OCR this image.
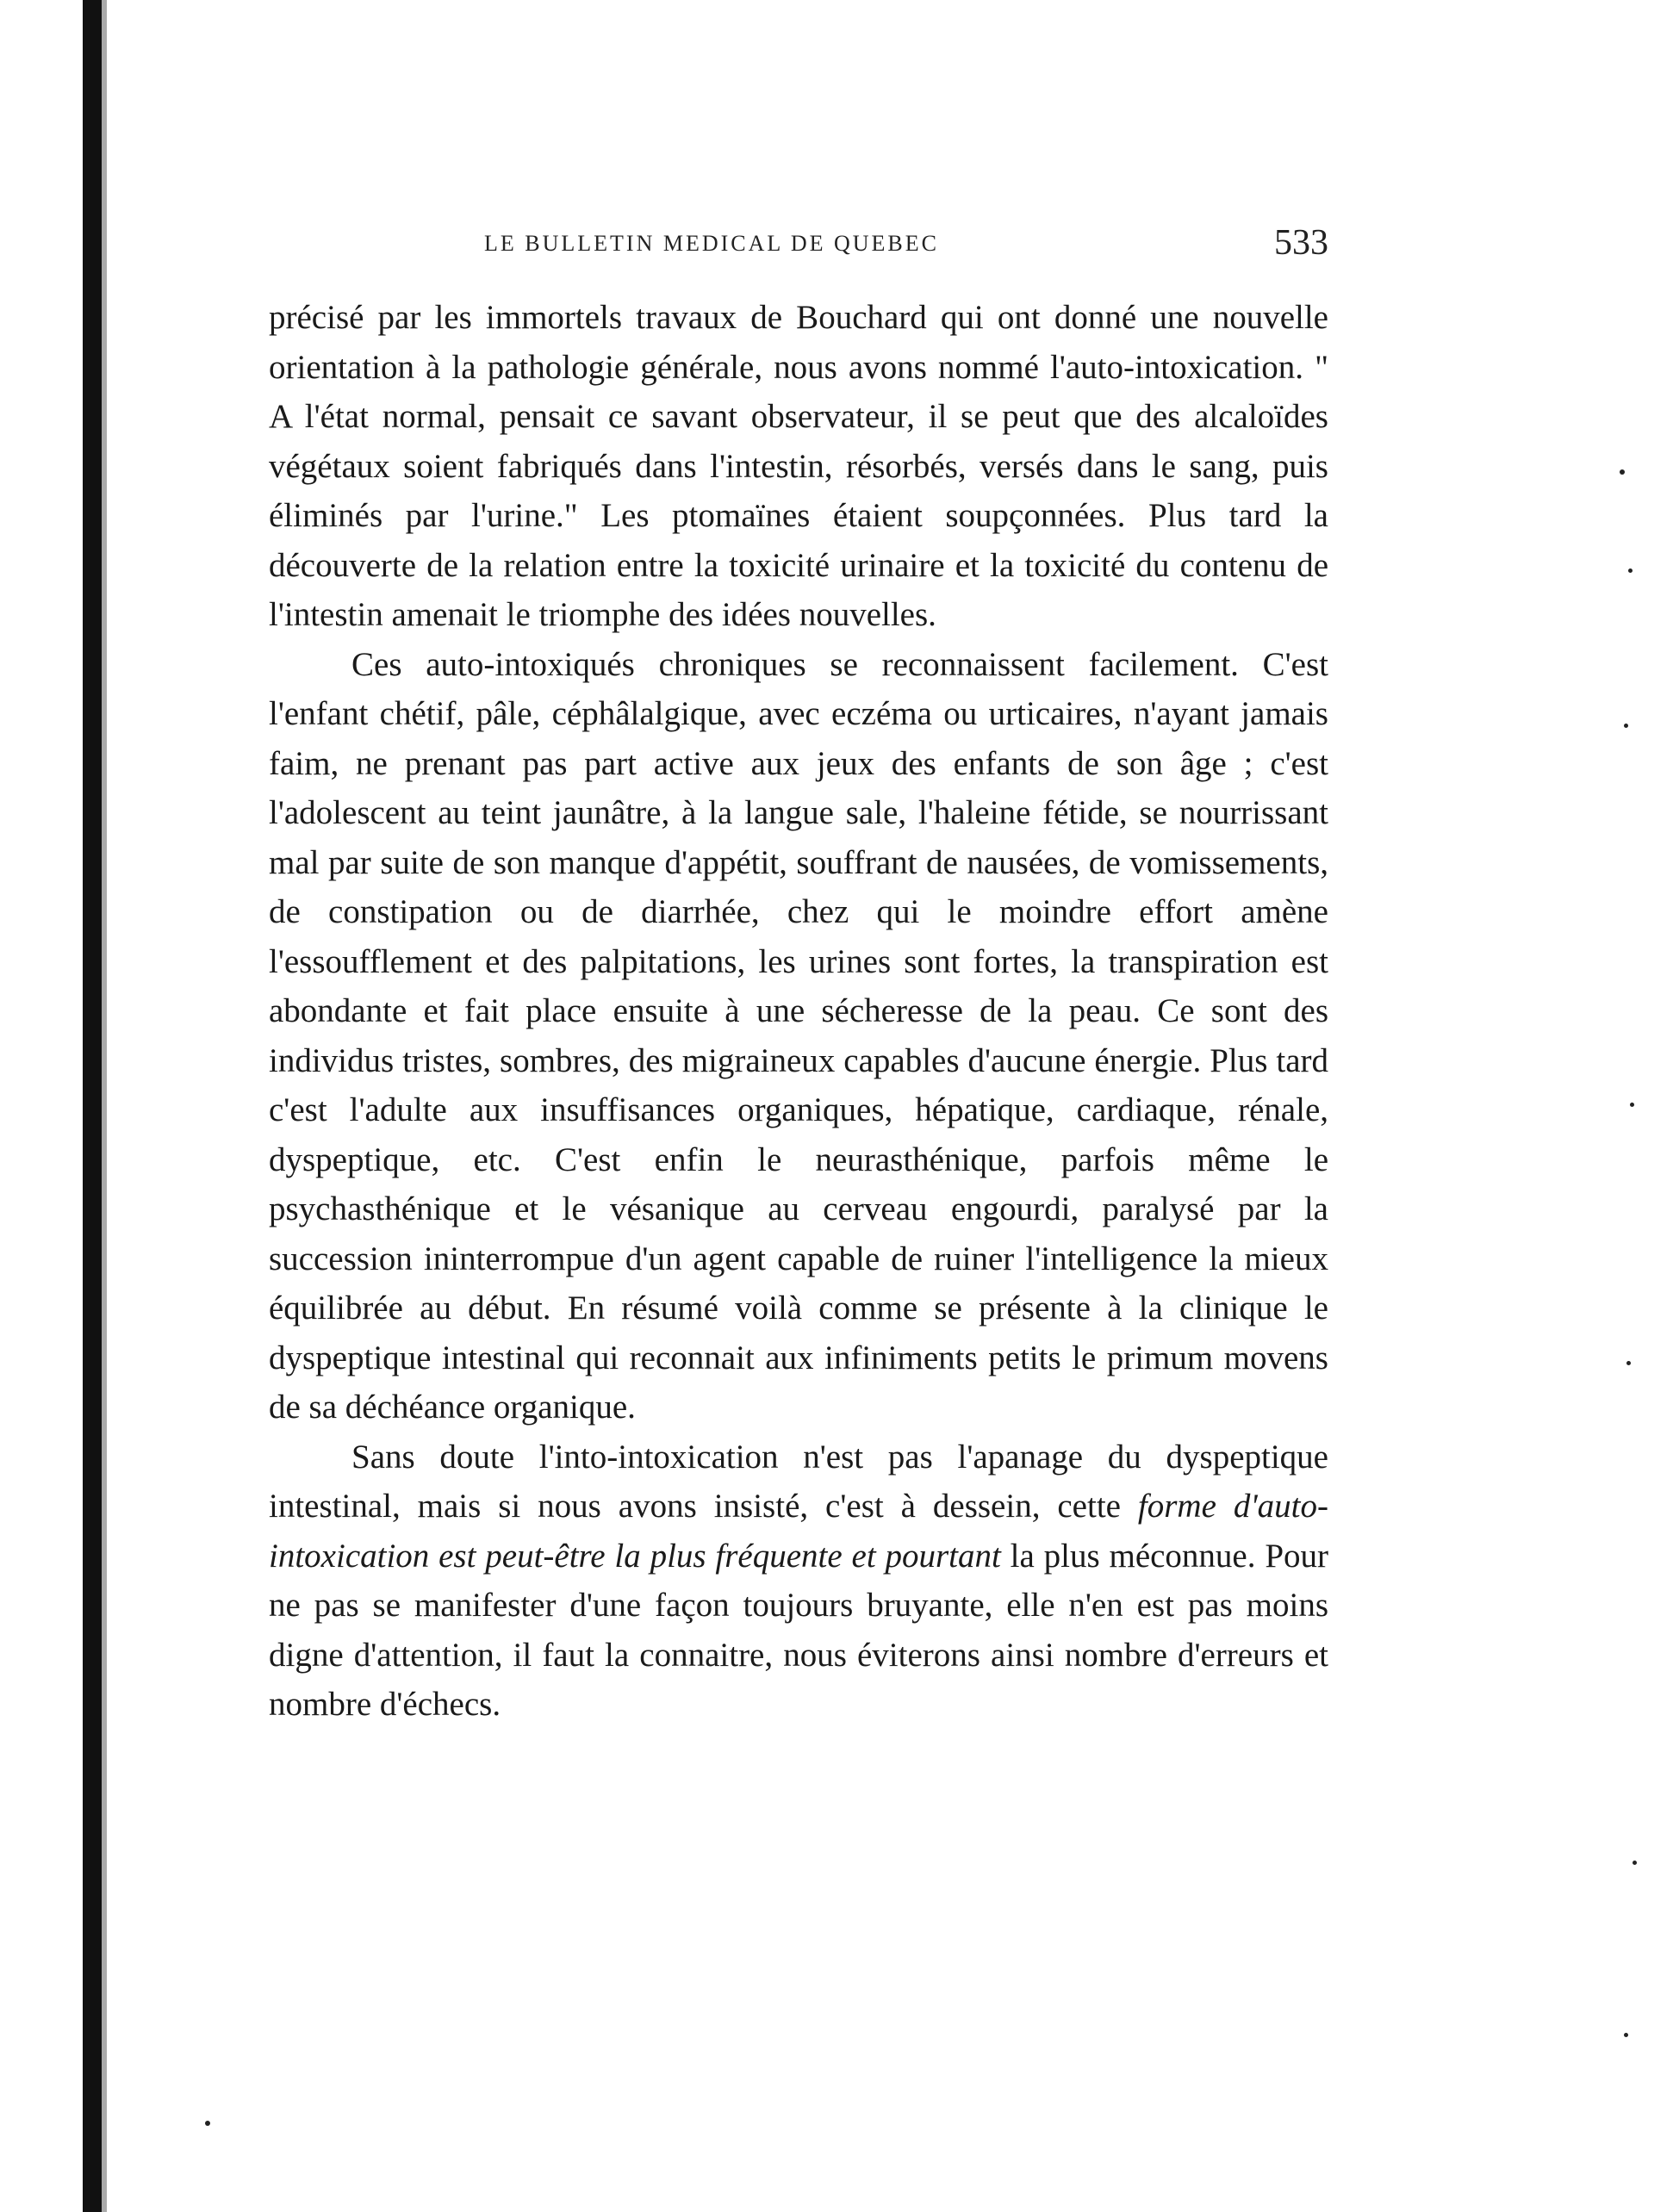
LE BULLETIN MEDICAL DE QUEBEC	533

précisé par les immortels travaux de Bouchard qui ont donné une nouvelle orientation à la pathologie générale, nous avons nommé l'auto-intoxication. " A l'état normal, pensait ce savant observateur, il se peut que des alcaloïdes végétaux soient fabriqués dans l'intestin, résorbés, versés dans le sang, puis éliminés par l'urine." Les ptomaïnes étaient soupçonnées. Plus tard la découverte de la relation entre la toxicité urinaire et la toxicité du contenu de l'intestin amenait le triomphe des idées nouvelles.

Ces auto-intoxiqués chroniques se reconnaissent facilement. C'est l'enfant chétif, pâle, céphâlalgique, avec eczéma ou urticaires, n'ayant jamais faim, ne prenant pas part active aux jeux des enfants de son âge ; c'est l'adolescent au teint jaunâtre, à la langue sale, l'haleine fétide, se nourrissant mal par suite de son manque d'appétit, souffrant de nausées, de vomissements, de constipation ou de diarrhée, chez qui le moindre effort amène l'essoufflement et des palpitations, les urines sont fortes, la transpiration est abondante et fait place ensuite à une sécheresse de la peau. Ce sont des individus tristes, sombres, des migraineux capables d'aucune énergie. Plus tard c'est l'adulte aux insuffisances organiques, hépatique, cardiaque, rénale, dyspeptique, etc. C'est enfin le neurasthénique, parfois même le psychasthénique et le vésanique au cerveau engourdi, paralysé par la succession ininterrompue d'un agent capable de ruiner l'intelligence la mieux équilibrée au début. En résumé voilà comme se présente à la clinique le dyspeptique intestinal qui reconnait aux infiniments petits le primum movens de sa déchéance organique.

Sans doute l'into-intoxication n'est pas l'apanage du dyspeptique intestinal, mais si nous avons insisté, c'est à dessein, cette forme d'auto-intoxication est peut-être la plus fréquente et pourtant la plus méconnue. Pour ne pas se manifester d'une façon toujours bruyante, elle n'en est pas moins digne d'attention, il faut la connaitre, nous éviterons ainsi nombre d'erreurs et nombre d'échecs.
